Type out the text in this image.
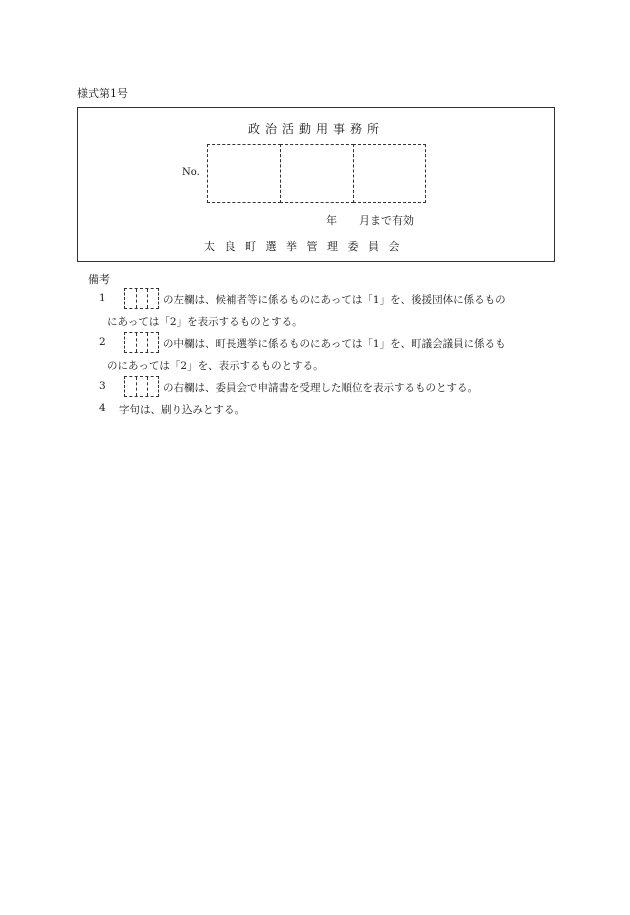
様式第1号
政治活動用事務所
No.
年　　月まで有効
太良町選挙管理委員会
備考
1	の左欄は、候補者等に係るものにあっては「1」を、後援団体に係るもの
にあっては「2」を表示するものとする。
2	の中欄は、町長選挙に係るものにあっては「1」を、町議会議員に係るも
のにあっては「2」を、表示するものとする。
3	の右欄は、委員会で申請書を受理した順位を表示するものとする。
4 字句は、刷り込みとする。
